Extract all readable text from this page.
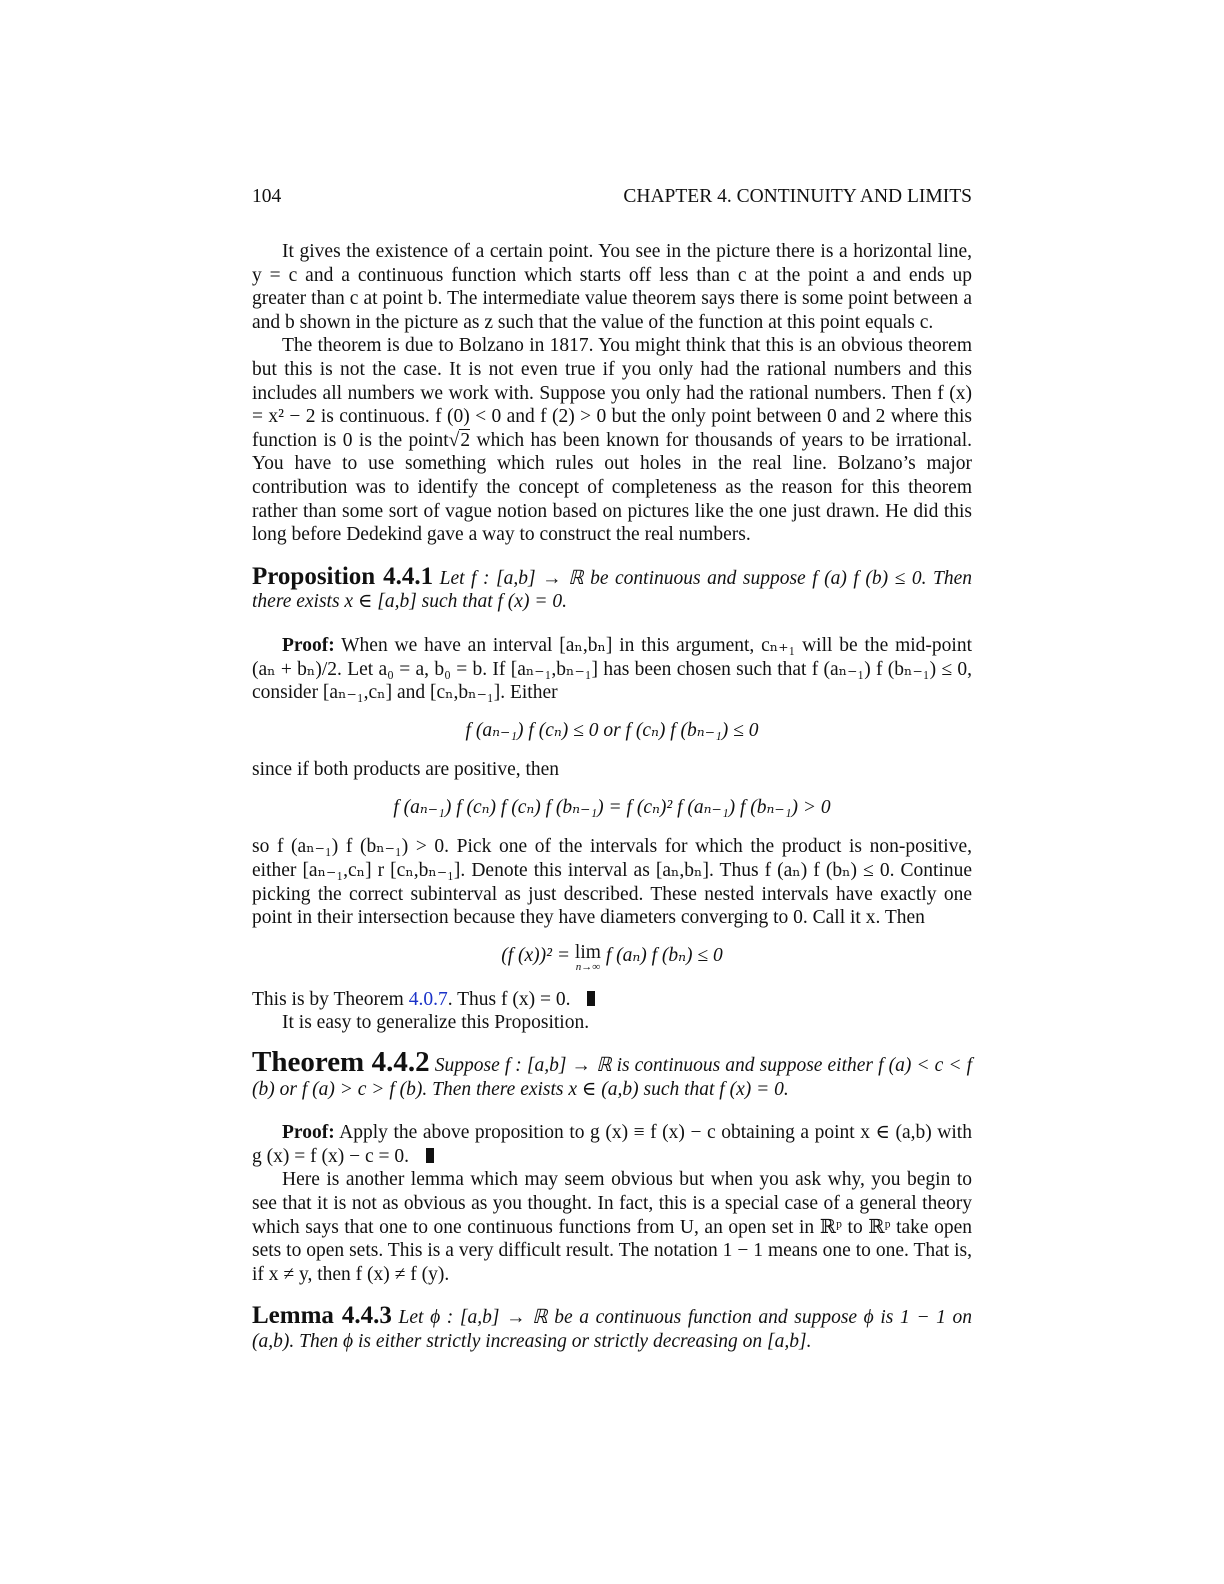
104	CHAPTER 4. CONTINUITY AND LIMITS

It gives the existence of a certain point. You see in the picture there is a horizontal line, y = c and a continuous function which starts off less than c at the point a and ends up greater than c at point b. The intermediate value theorem says there is some point between a and b shown in the picture as z such that the value of the function at this point equals c.

The theorem is due to Bolzano in 1817. You might think that this is an obvious theorem but this is not the case. It is not even true if you only had the rational numbers and this includes all numbers we work with. Suppose you only had the rational numbers. Then f (x) = x² − 2 is continuous. f (0) < 0 and f (2) > 0 but the only point between 0 and 2 where this function is 0 is the point√2 which has been known for thousands of years to be irrational. You have to use something which rules out holes in the real line. Bolzano’s major contribution was to identify the concept of completeness as the reason for this theorem rather than some sort of vague notion based on pictures like the one just drawn. He did this long before Dedekind gave a way to construct the real numbers.

Proposition 4.4.1 Let f : [a,b] → ℝ be continuous and suppose f (a) f (b) ≤ 0. Then there exists x ∈ [a,b] such that f (x) = 0.

Proof: When we have an interval [aₙ,bₙ] in this argument, cₙ₊₁ will be the mid-point (aₙ + bₙ)/2. Let a₀ = a, b₀ = b. If [aₙ₋₁,bₙ₋₁] has been chosen such that f (aₙ₋₁) f (bₙ₋₁) ≤ 0, consider [aₙ₋₁,cₙ] and [cₙ,bₙ₋₁]. Either

f (aₙ₋₁) f (cₙ) ≤ 0 or f (cₙ) f (bₙ₋₁) ≤ 0

since if both products are positive, then

f (aₙ₋₁) f (cₙ) f (cₙ) f (bₙ₋₁) = f (cₙ)² f (aₙ₋₁) f (bₙ₋₁) > 0

so f (aₙ₋₁) f (bₙ₋₁) > 0. Pick one of the intervals for which the product is non-positive, either [aₙ₋₁,cₙ] r [cₙ,bₙ₋₁]. Denote this interval as [aₙ,bₙ]. Thus f (aₙ) f (bₙ) ≤ 0. Continue picking the correct subinterval as just described. These nested intervals have exactly one point in their intersection because they have diameters converging to 0. Call it x. Then

(f (x))² = lim
n→∞
f (aₙ) f (bₙ) ≤ 0

This is by Theorem 4.0.7. Thus f (x) = 0.

It is easy to generalize this Proposition.

Theorem 4.4.2 Suppose f : [a,b] → ℝ is continuous and suppose either f (a) < c < f (b) or f (a) > c > f (b). Then there exists x ∈ (a,b) such that f (x) = 0.

Proof: Apply the above proposition to g (x) ≡ f (x) − c obtaining a point x ∈ (a,b) with g (x) = f (x) − c = 0.

Here is another lemma which may seem obvious but when you ask why, you begin to see that it is not as obvious as you thought. In fact, this is a special case of a general theory which says that one to one continuous functions from U, an open set in ℝᵖ to ℝᵖ take open sets to open sets. This is a very difficult result. The notation 1 − 1 means one to one. That is, if x ≠ y, then f (x) ≠ f (y).

Lemma 4.4.3 Let ϕ : [a,b] → ℝ be a continuous function and suppose ϕ is 1 − 1 on (a,b). Then ϕ is either strictly increasing or strictly decreasing on [a,b].
